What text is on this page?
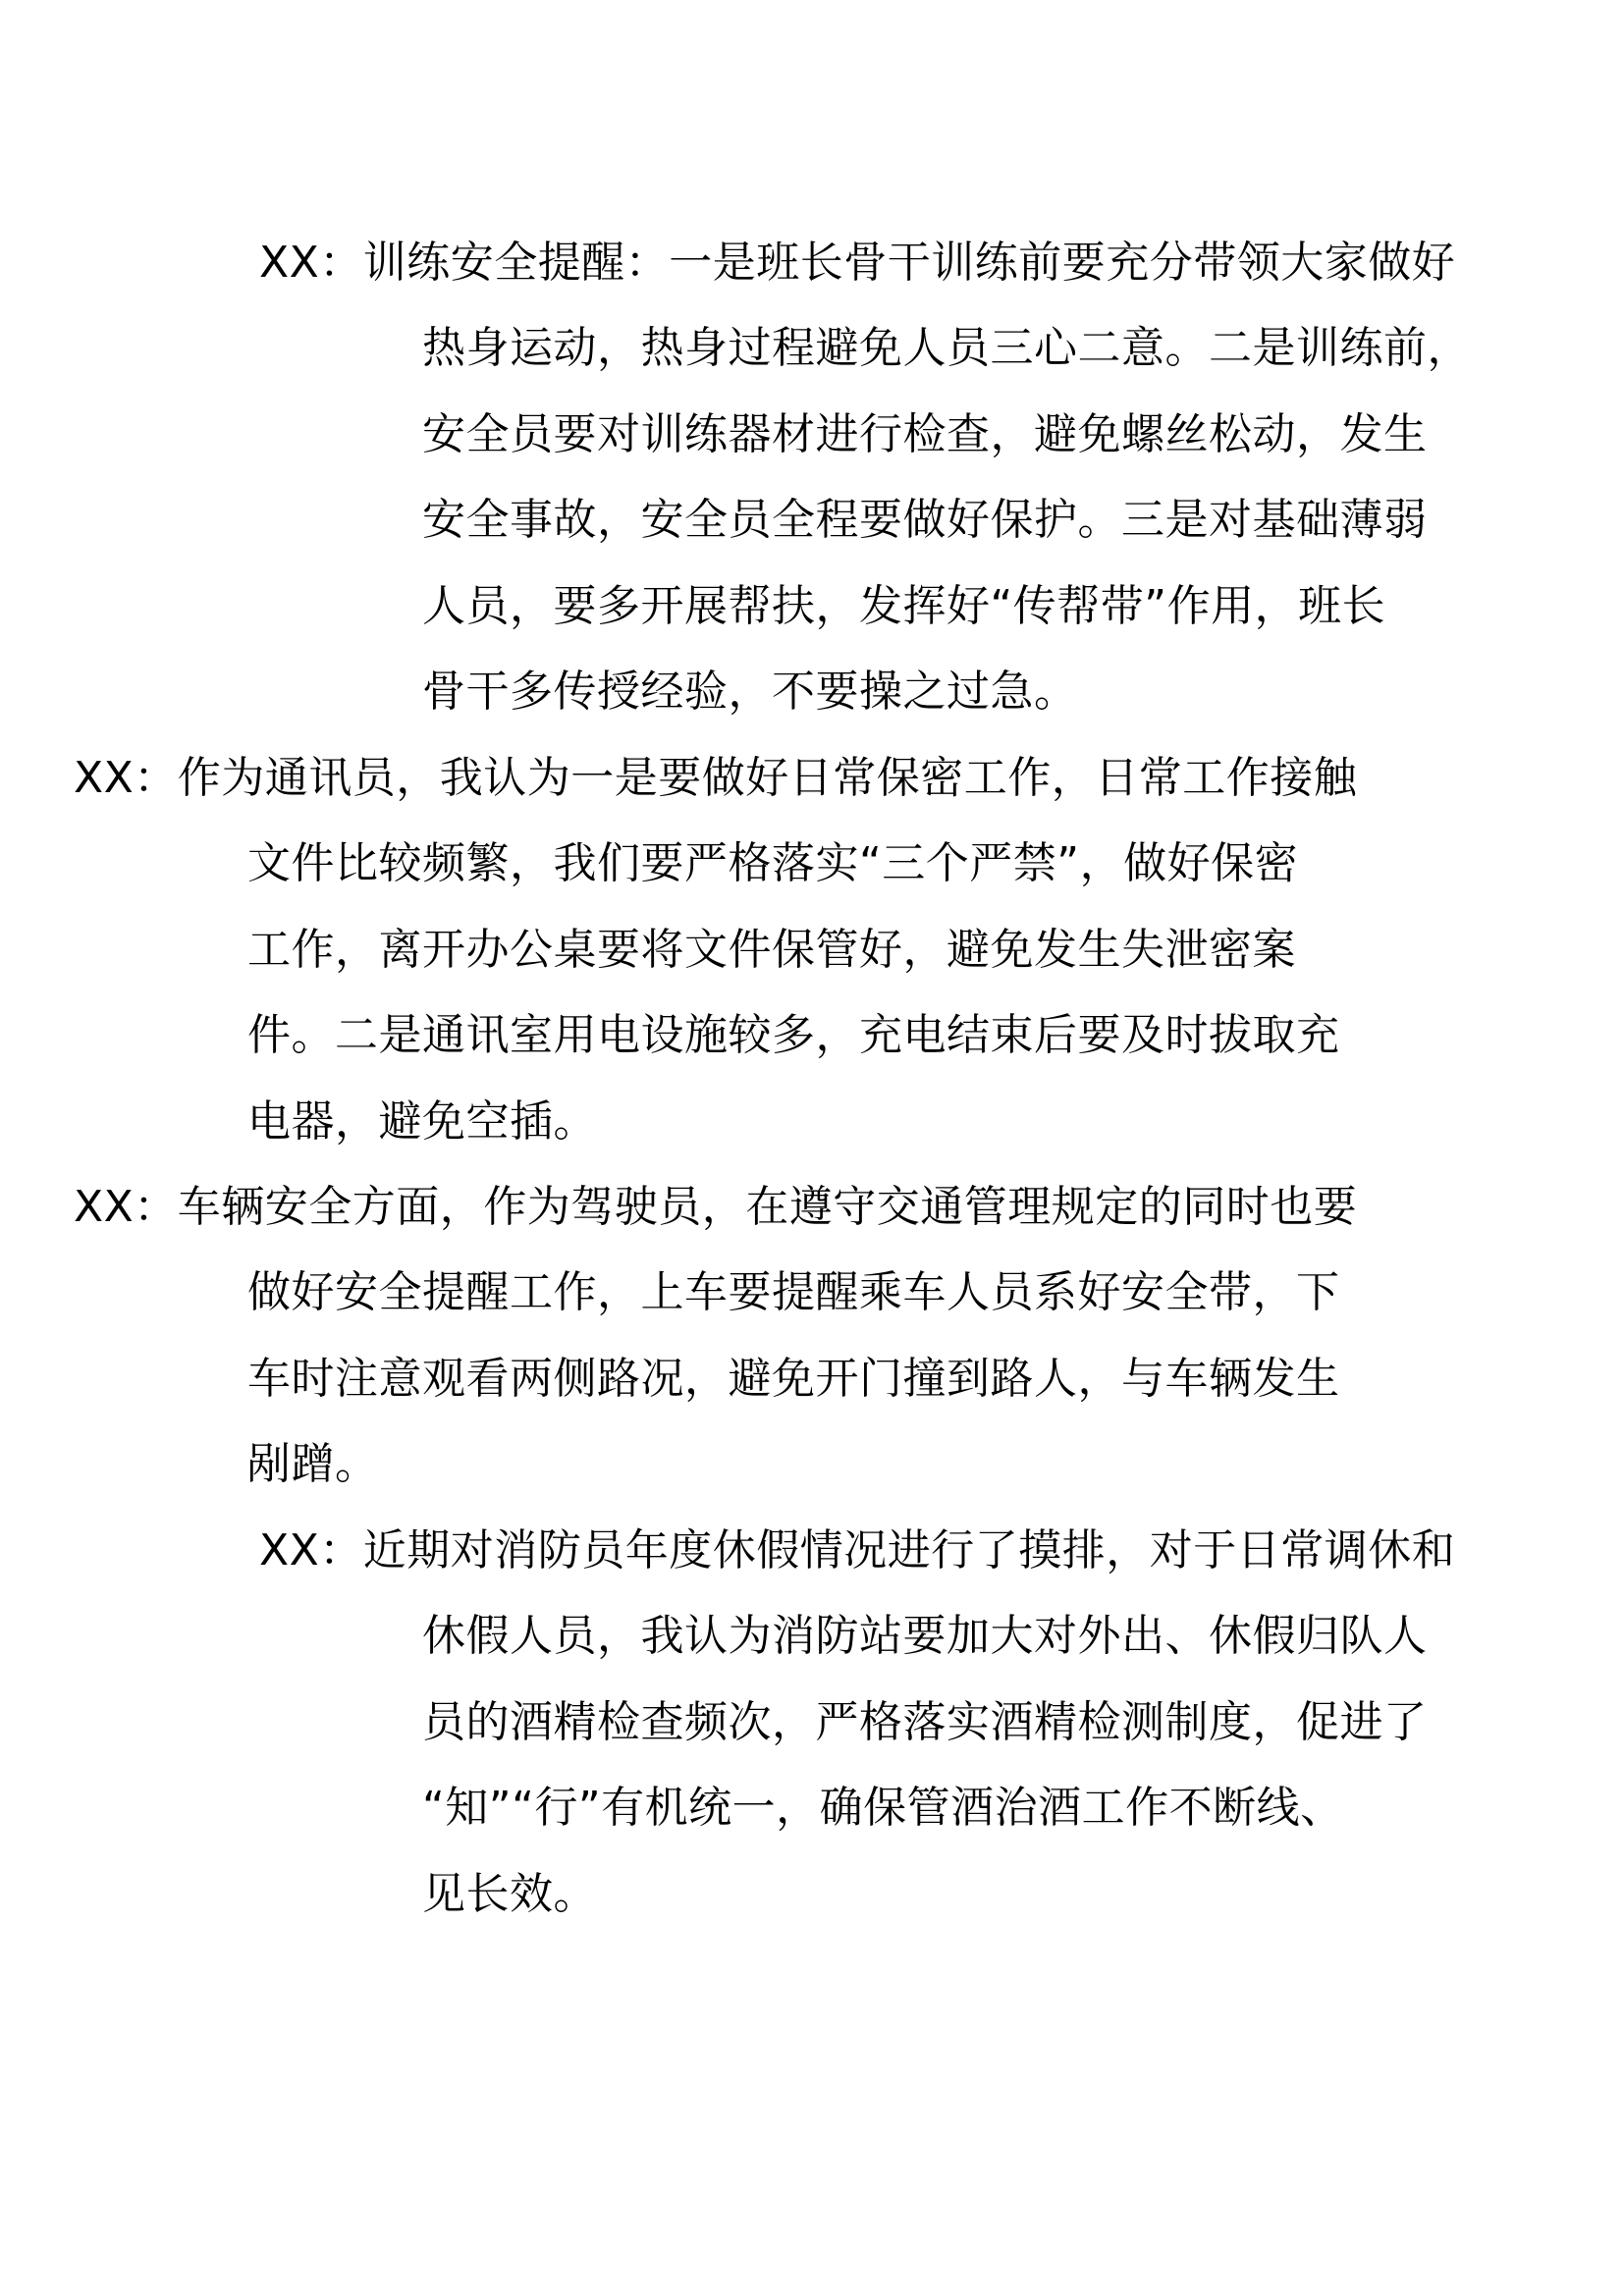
XX：训练安全提醒：一是班长骨干训练前要充分带领大家做好
热身运动，热身过程避免人员三心二意。二是训练前，
安全员要对训练器材进行检查，避免螺丝松动，发生
安全事故，安全员全程要做好保护。三是对基础薄弱
人员，要多开展帮扶，发挥好“传帮带”作用，班长
骨干多传授经验，不要操之过急。
XX：作为通讯员，我认为一是要做好日常保密工作，日常工作接触
文件比较频繁，我们要严格落实“三个严禁”，做好保密
工作，离开办公桌要将文件保管好，避免发生失泄密案
件。二是通讯室用电设施较多，充电结束后要及时拔取充
电器，避免空插。
XX：车辆安全方面，作为驾驶员，在遵守交通管理规定的同时也要
做好安全提醒工作，上车要提醒乘车人员系好安全带，下
车时注意观看两侧路况，避免开门撞到路人，与车辆发生
剐蹭。
XX：近期对消防员年度休假情况进行了摸排，对于日常调休和
休假人员，我认为消防站要加大对外出、休假归队人
员的酒精检查频次，严格落实酒精检测制度，促进了
“知”“行”有机统一，确保管酒治酒工作不断线、
见长效。
